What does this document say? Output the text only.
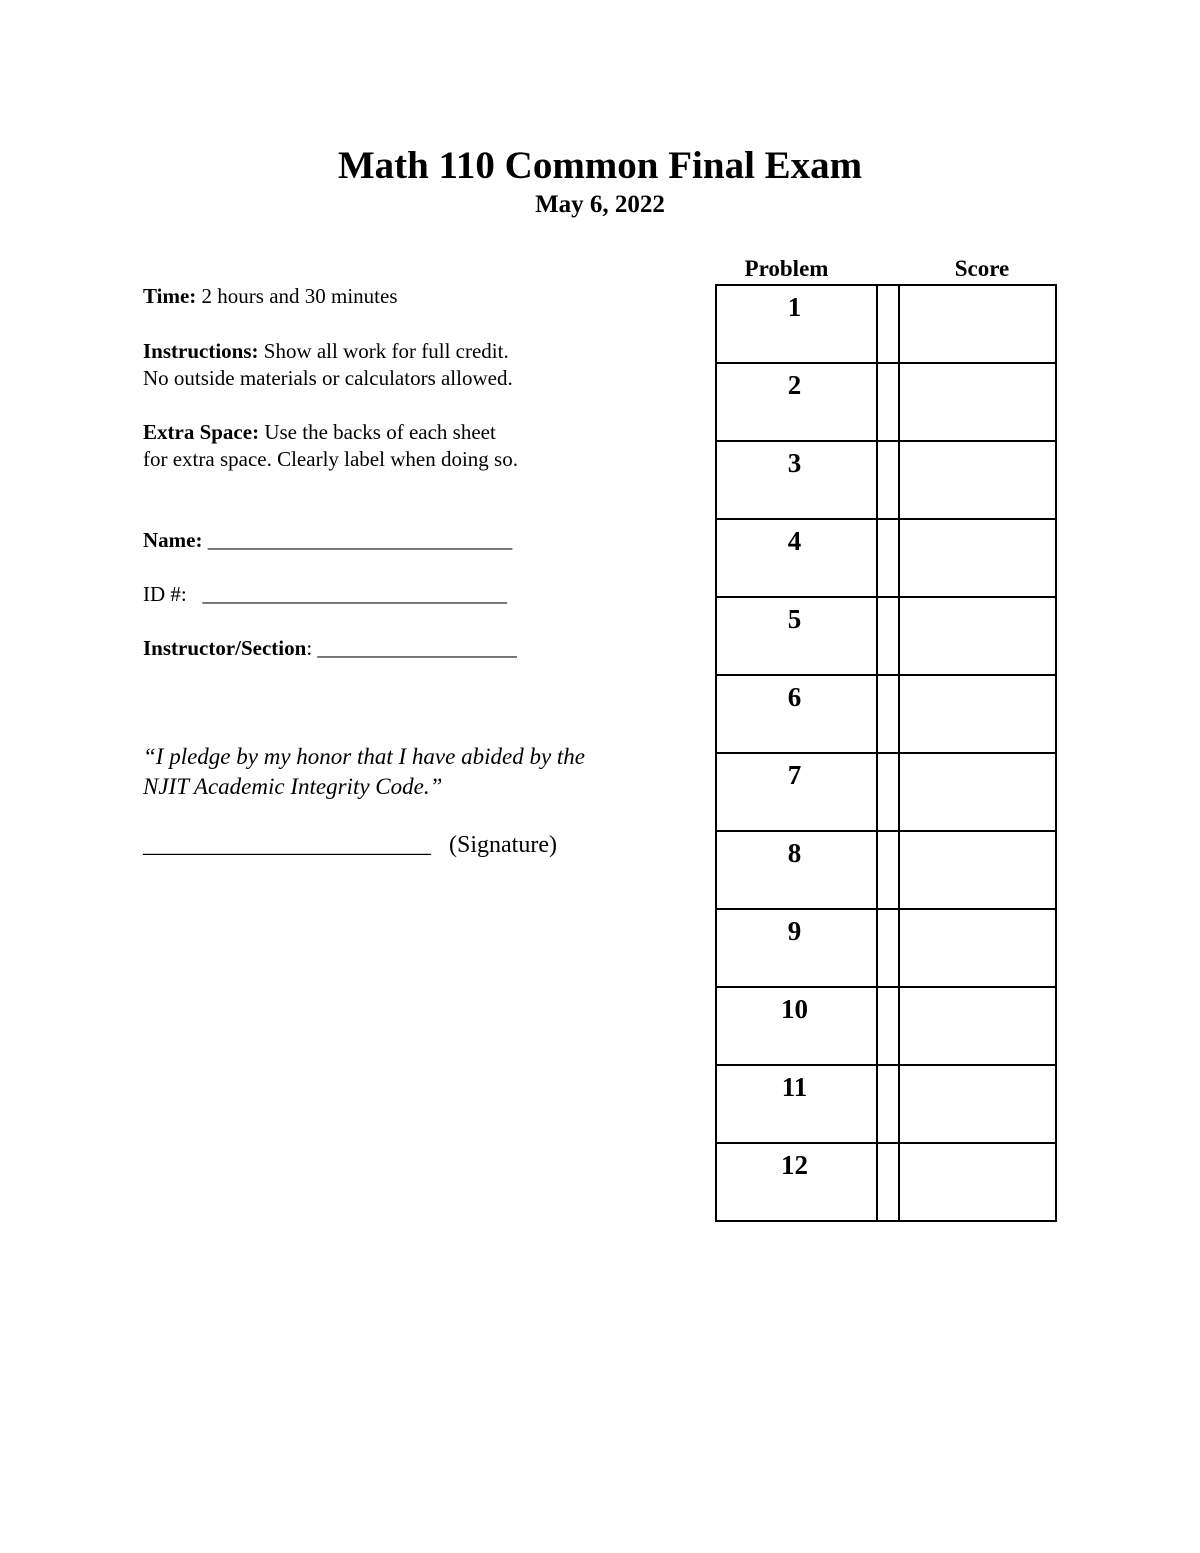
Math 110 Common Final Exam
May 6, 2022
Time: 2 hours and 30 minutes
Instructions: Show all work for full credit.
No outside materials or calculators allowed.
Extra Space: Use the backs of each sheet
for extra space. Clearly label when doing so.
Name: _____________________________
ID #:   _____________________________
Instructor/Section: ___________________
“I pledge by my honor that I have abided by the
NJIT Academic Integrity Code.”
________________________ (Signature)
Problem	Score
1		

2		

3		

4		

5		

6		

7		

8		

9		

10		

11		

12		
